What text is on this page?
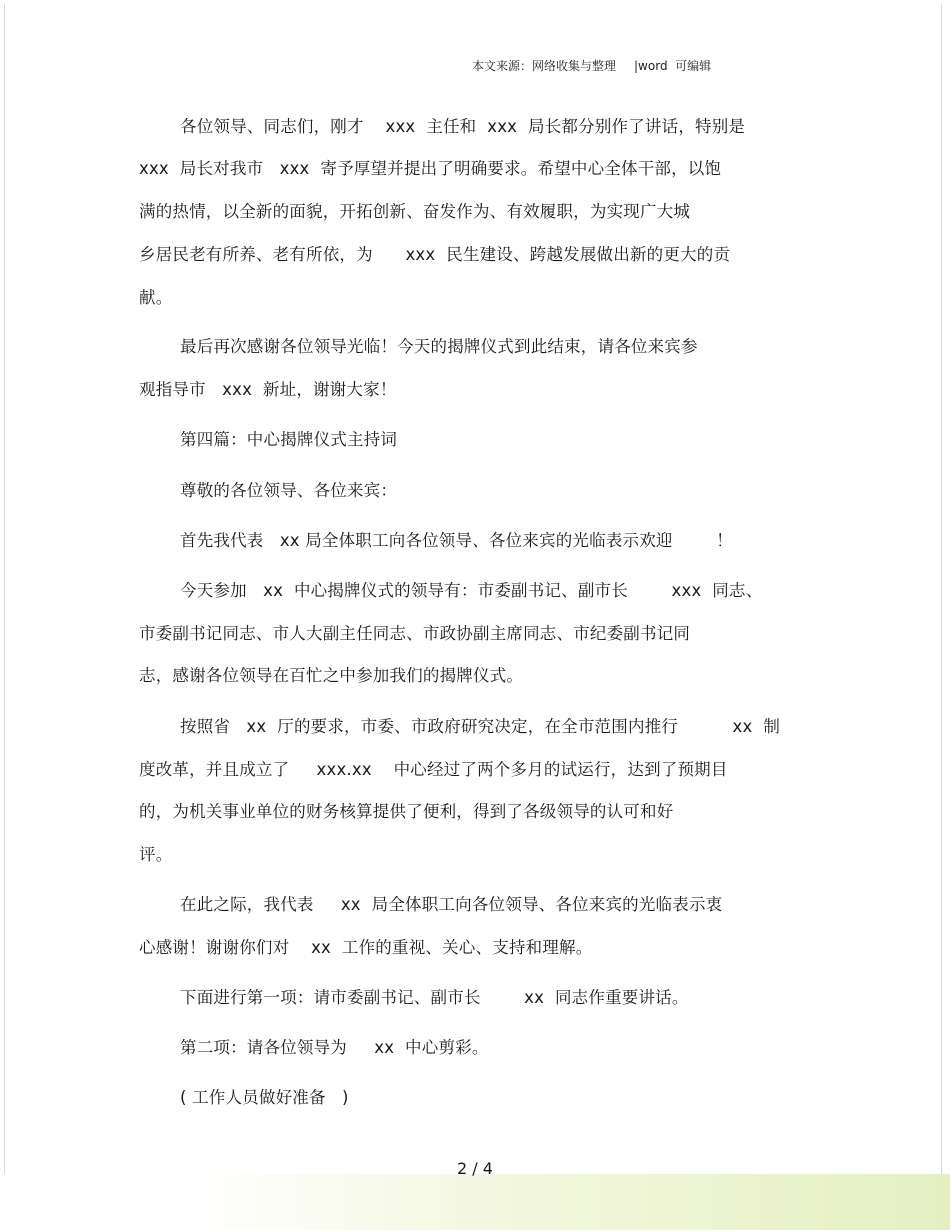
本文来源：网络收集与整理 |word  可编辑
各位领导、同志们，刚才    xxx  主任和  xxx  局长都分别作了讲话，特别是
xxx  局长对我市   xxx  寄予厚望并提出了明确要求。希望中心全体干部，以饱
满的热情，以全新的面貌，开拓创新、奋发作为、有效履职，为实现广大城
乡居民老有所养、老有所依，为      xxx  民生建设、跨越发展做出新的更大的贡
献。
最后再次感谢各位领导光临！今天的揭牌仪式到此结束，请各位来宾参
观指导市   xxx  新址，谢谢大家！
第四篇：中心揭牌仪式主持词
尊敬的各位领导、各位来宾：
首先我代表   xx 局全体职工向各位领导、各位来宾的光临表示欢迎        ！
今天参加   xx  中心揭牌仪式的领导有：市委副书记、副市长        xxx  同志、
市委副书记同志、市人大副主任同志、市政协副主席同志、市纪委副书记同
志，感谢各位领导在百忙之中参加我们的揭牌仪式。
按照省   xx  厅的要求，市委、市政府研究决定，在全市范围内推行          xx  制
度改革，并且成立了     xxx.xx    中心经过了两个多月的试运行，达到了预期目
的，为机关事业单位的财务核算提供了便利，得到了各级领导的认可和好
评。
在此之际，我代表     xx  局全体职工向各位领导、各位来宾的光临表示衷
心感谢！谢谢你们对    xx  工作的重视、关心、支持和理解。
下面进行第一项：请市委副书记、副市长        xx  同志作重要讲话。
第二项：请各位领导为     xx  中心剪彩。
( 工作人员做好准备   )
2 / 4
